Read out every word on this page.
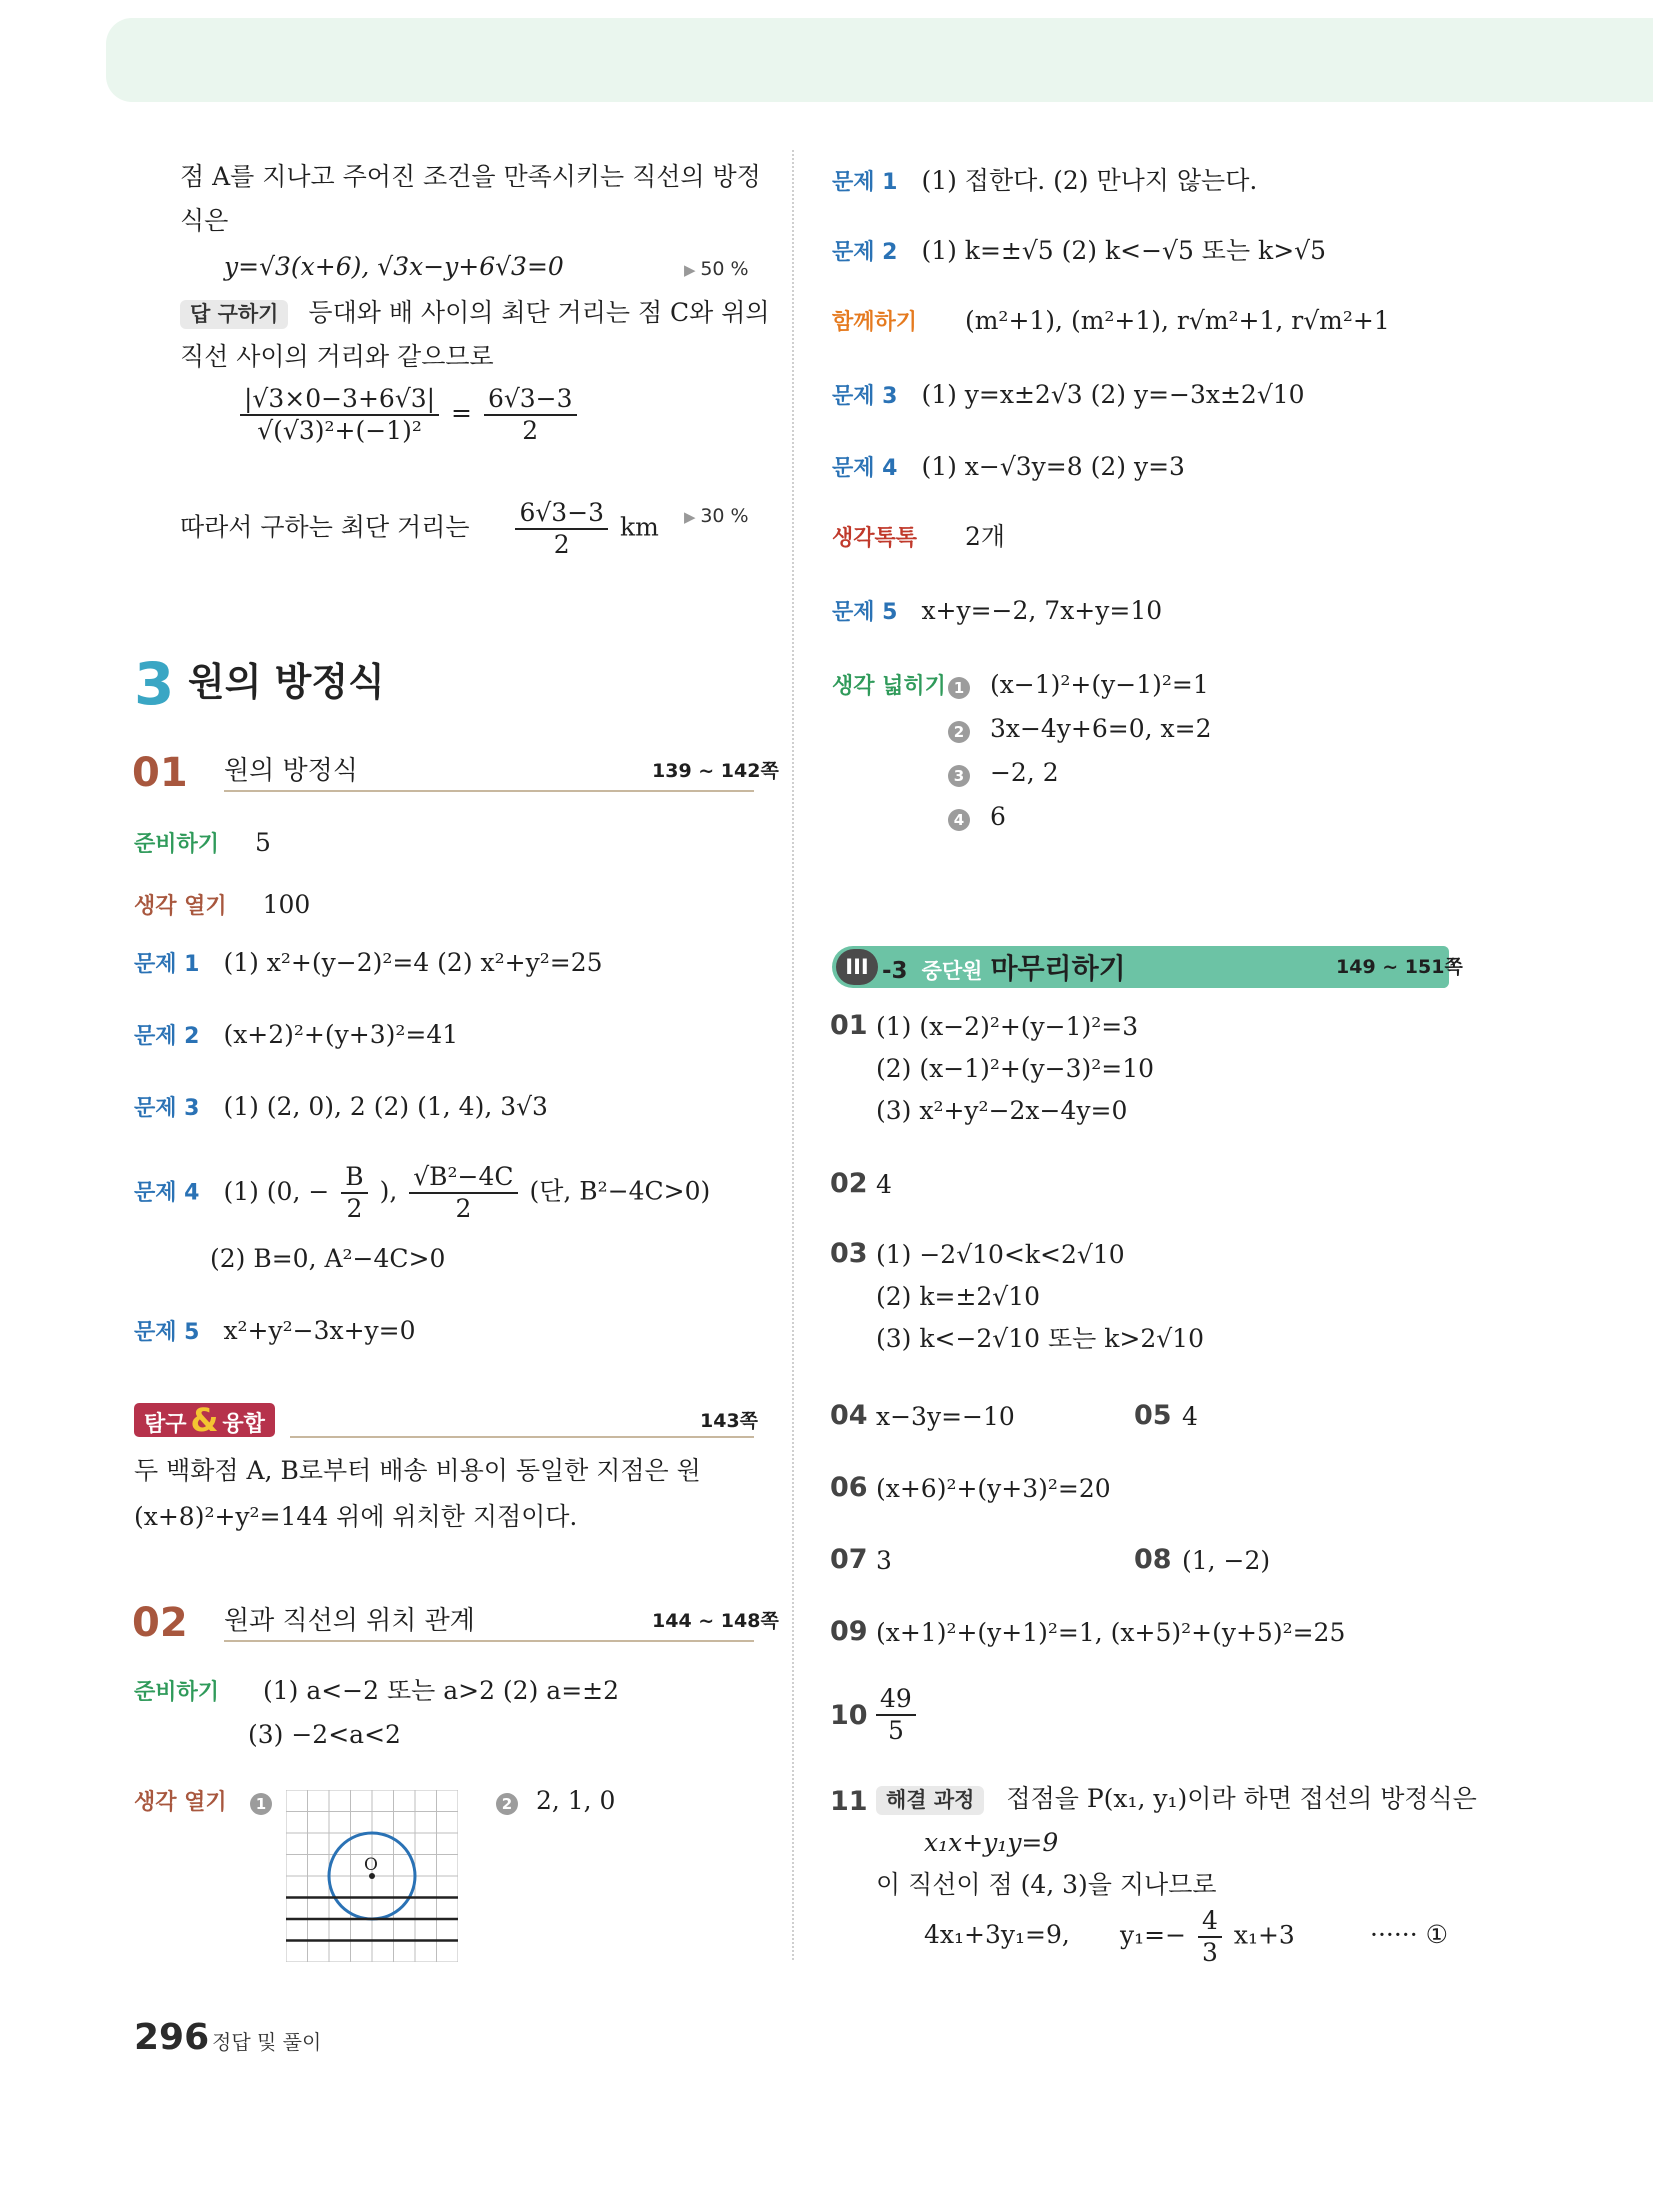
점 A를 지나고 주어진 조건을 만족시키는 직선의 방정
식은
y=√3(x+6), √3x−y+6√3=0	▶ 50 %
답 구하기 등대와 배 사이의 최단 거리는 점 C와 위의
직선 사이의 거리와 같으므로
$\frac{|√3\times 0-3+6√3|}{\text{√(√3)²+(−1)²}} = \frac{6√3-3}{2}$
따라서 구하는 최단 거리는 $\frac{6√3-3}{2}$ km	▶ 30 %
3 원의 방정식
01 원의 방정식	139 ~ 142쪽
준비하기 5
생각 열기 100
문제 1 (1) x²+(y−2)²=4 (2) x²+y²=25
문제 2 (x+2)²+(y+3)²=41
문제 3 (1) (2, 0), 2 (2) (1, 4), 3√3
문제 4 (1) (0, − $\frac{B}{2}$ ), $\frac{\text{√B²−4C}}{2}$ (단, B²−4C>0)
(2) B=0, A²−4C>0
문제 5 x²+y²−3x+y=0
탐구 & 융합	143쪽
두 백화점 A, B로부터 배송 비용이 동일한 지점은 원
(x+8)²+y²=144 위에 위치한 지점이다.
02 원과 직선의 위치 관계	144 ~ 148쪽
준비하기 (1) a<−2 또는 a>2 (2) a=±2
(3) −2<a<2
생각 열기	1	2 2, 1, 0
O
문제 1 (1) 접한다. (2) 만나지 않는다.
문제 2 (1) k=±√5 (2) k<−√5 또는 k>√5
함께하기 (m²+1), (m²+1), r√m²+1, r√m²+1
문제 3 (1) y=x±2√3 (2) y=−3x±2√10
문제 4 (1) x−√3y=8 (2) y=3
생각톡톡 2개
문제 5 x+y=−2, 7x+y=10
생각 넓히기 1 (x−1)²+(y−1)²=1
2 3x−4y+6=0, x=2
3 −2, 2
4 6
III -3 중단원 마무리하기	149 ~ 151쪽
01 (1) (x−2)²+(y−1)²=3
(2) (x−1)²+(y−3)²=10
(3) x²+y²−2x−4y=0
02 4
03 (1) −2√10<k<2√10
(2) k=±2√10
(3) k<−2√10 또는 k>2√10
04 x−3y=−10	05 4
06 (x+6)²+(y+3)²=20
07 3	08 (1, −2)
09 (x+1)²+(y+1)²=1, (x+5)²+(y+5)²=25
$10 \frac{49}{5}$
11 해결 과정 접점을 P(x₁, y₁)이라 하면 접선의 방정식은
x₁x+y₁y=9
이 직선이 점 (4, 3)을 지나므로
4x₁+3y₁=9, $y_1=- \frac{4}{3} x_1+3$	······ ①
296 정답 및 풀이
